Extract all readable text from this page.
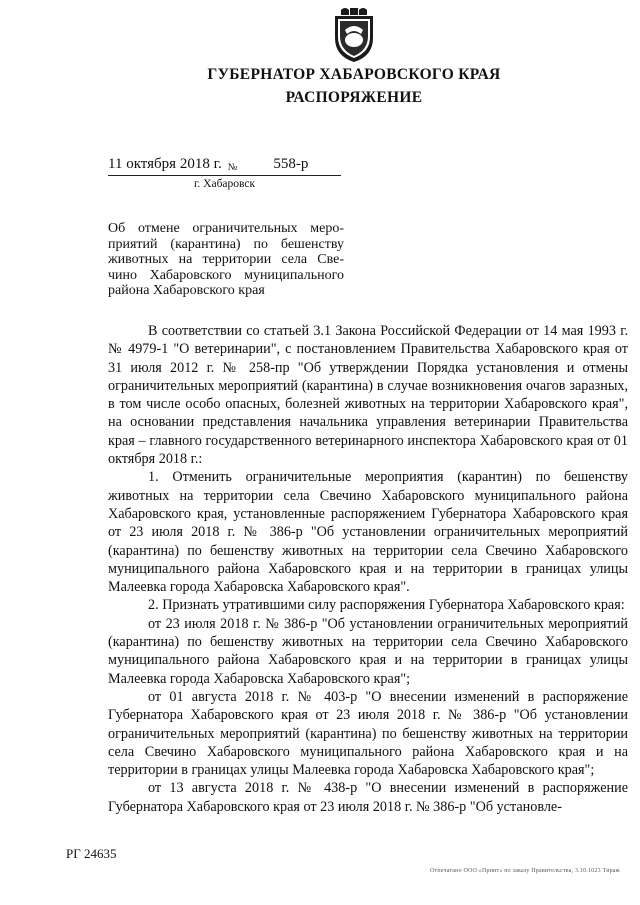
ГУБЕРНАТОР ХАБАРОВСКОГО КРАЯ
РАСПОРЯЖЕНИЕ
11 октября 2018 г. № 558-р
г. Хабаровск
Об отмене ограничительных меро-
приятий (карантина) по бешенству
животных на территории села Све-
чино Хабаровского муниципального
района Хабаровского края

В соответствии со статьей 3.1 Закона Российской Федерации от 14 мая 1993 г. № 4979-1 "О ветеринарии", с постановлением Правительства Хабаровского края от 31 июля 2012 г. № 258-пр "Об утверждении Порядка установления и отмены ограничительных мероприятий (карантина) в случае возникновения очагов заразных, в том числе особо опасных, болезней животных на территории Хабаровского края", на основании представления начальника управления ветеринарии Правительства края – главного государственного ветеринарного инспектора Хабаровского края от 01 октября 2018 г.:

1. Отменить ограничительные мероприятия (карантин) по бешенству животных на территории села Свечино Хабаровского муниципального района Хабаровского края, установленные распоряжением Губернатора Хабаровского края от 23 июля 2018 г. № 386-р "Об установлении ограничительных мероприятий (карантина) по бешенству животных на территории села Свечино Хабаровского муниципального района Хабаровского края и на территории в границах улицы Малеевка города Хабаровска Хабаровского края".

2. Признать утратившими силу распоряжения Губернатора Хабаровского края:

от 23 июля 2018 г. № 386-р "Об установлении ограничительных мероприятий (карантина) по бешенству животных на территории села Свечино Хабаровского муниципального района Хабаровского края и на территории в границах улицы Малеевка города Хабаровска Хабаровского края";

от 01 августа 2018 г. № 403-р "О внесении изменений в распоряжение Губернатора Хабаровского края от 23 июля 2018 г. № 386-р "Об установлении ограничительных мероприятий (карантина) по бешенству животных на территории села Свечино Хабаровского муниципального района Хабаровского края и на территории в границах улицы Малеевка города Хабаровска Хабаровского края";

от 13 августа 2018 г. № 438-р "О внесении изменений в распоряжение Губернатора Хабаровского края от 23 июля 2018 г. № 386-р "Об установле-

РГ 24635
Отпечатано ООО «Принт» по заказу Правительства, 3.10.1023 Тираж
